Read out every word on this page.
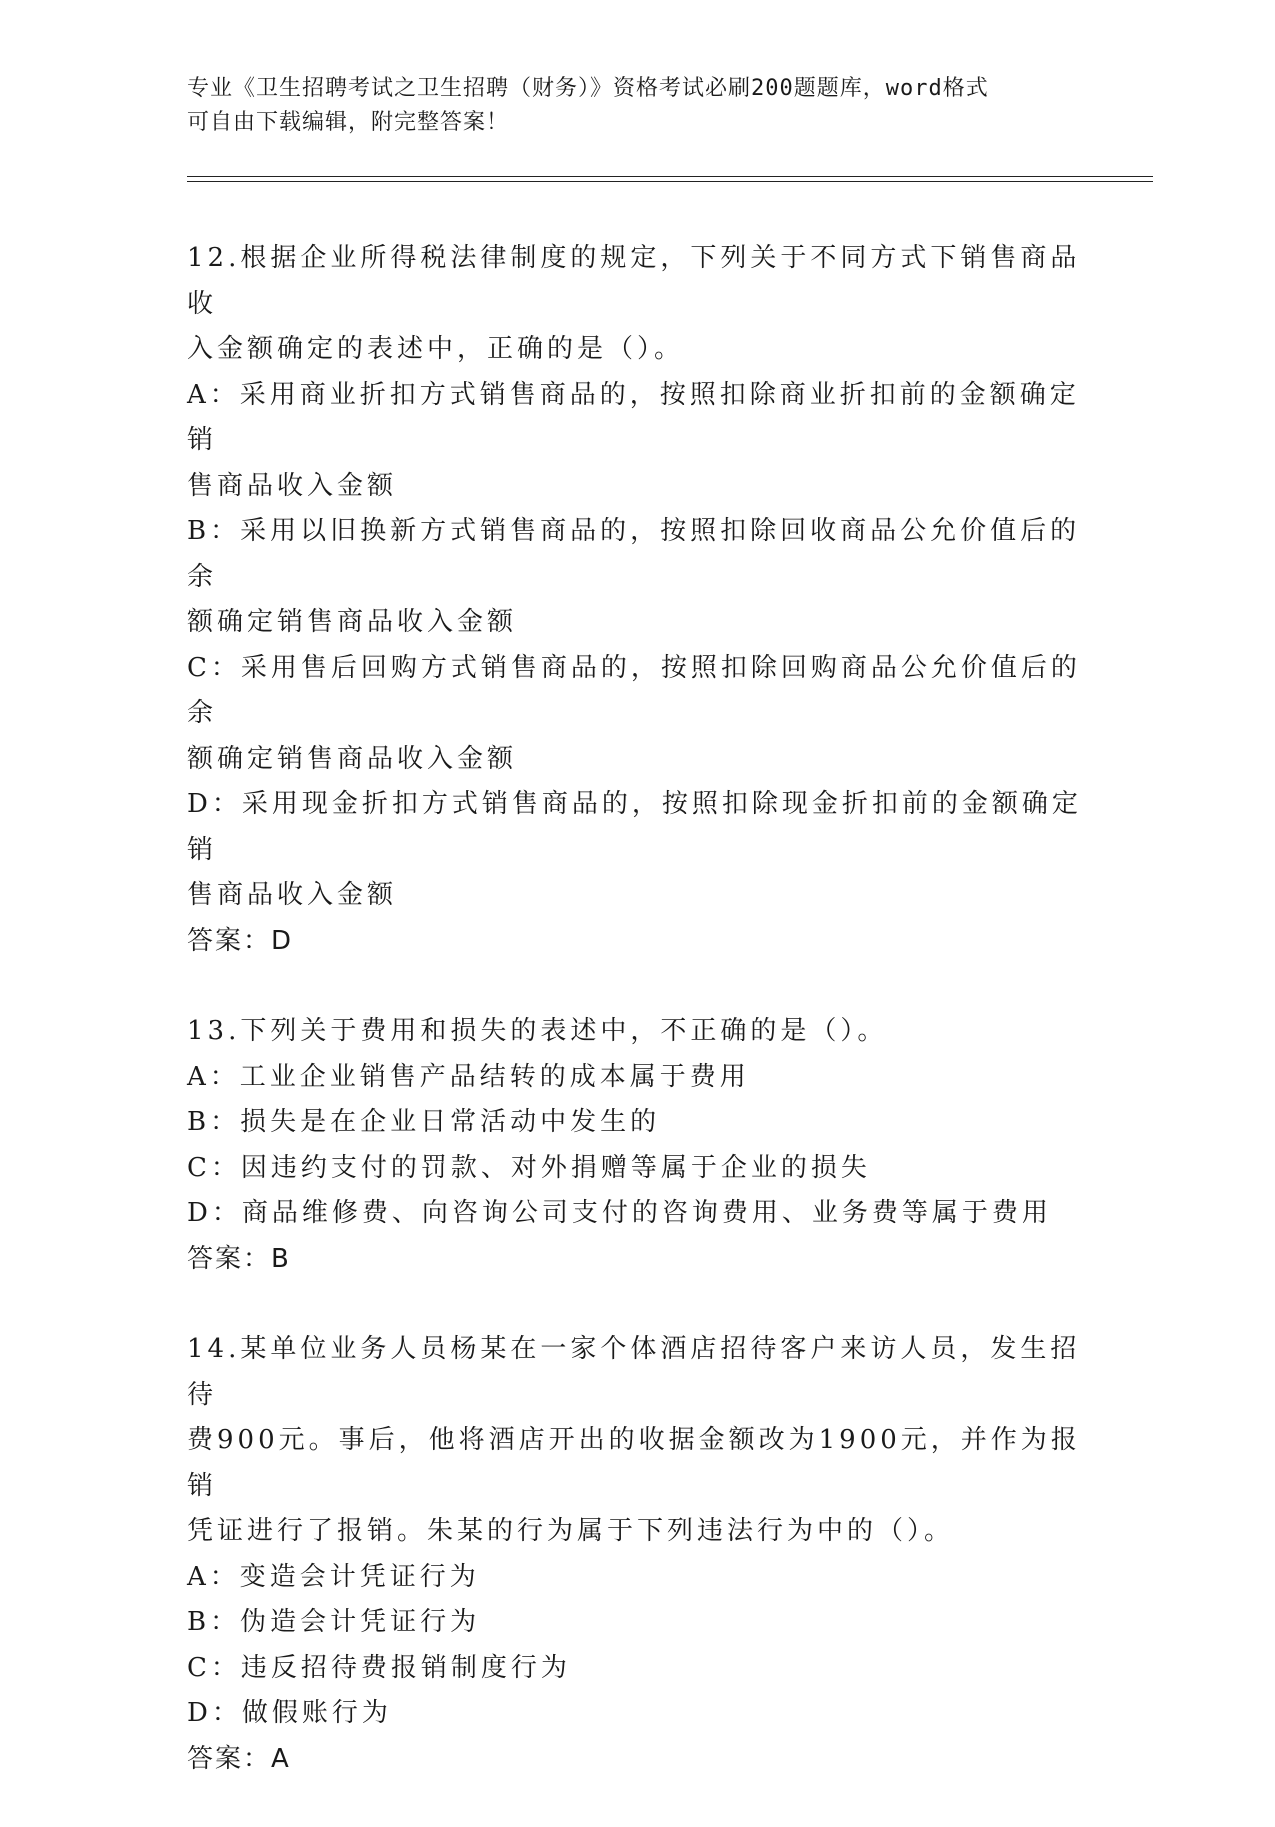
专业《卫生招聘考试之卫生招聘（财务）》资格考试必刷200题题库，word格式
可自由下载编辑，附完整答案！
12.根据企业所得税法律制度的规定，下列关于不同方式下销售商品收
入金额确定的表述中，正确的是（）。
A：采用商业折扣方式销售商品的，按照扣除商业折扣前的金额确定销
售商品收入金额
B：采用以旧换新方式销售商品的，按照扣除回收商品公允价值后的余
额确定销售商品收入金额
C：采用售后回购方式销售商品的，按照扣除回购商品公允价值后的余
额确定销售商品收入金额
D：采用现金折扣方式销售商品的，按照扣除现金折扣前的金额确定销
售商品收入金额
答案：D
13.下列关于费用和损失的表述中，不正确的是（）。
A：工业企业销售产品结转的成本属于费用
B：损失是在企业日常活动中发生的
C：因违约支付的罚款、对外捐赠等属于企业的损失
D：商品维修费、向咨询公司支付的咨询费用、业务费等属于费用
答案：B
14.某单位业务人员杨某在一家个体酒店招待客户来访人员，发生招待
费900元。事后，他将酒店开出的收据金额改为1900元，并作为报销
凭证进行了报销。朱某的行为属于下列违法行为中的（）。
A：变造会计凭证行为
B：伪造会计凭证行为
C：违反招待费报销制度行为
D：做假账行为
答案：A
